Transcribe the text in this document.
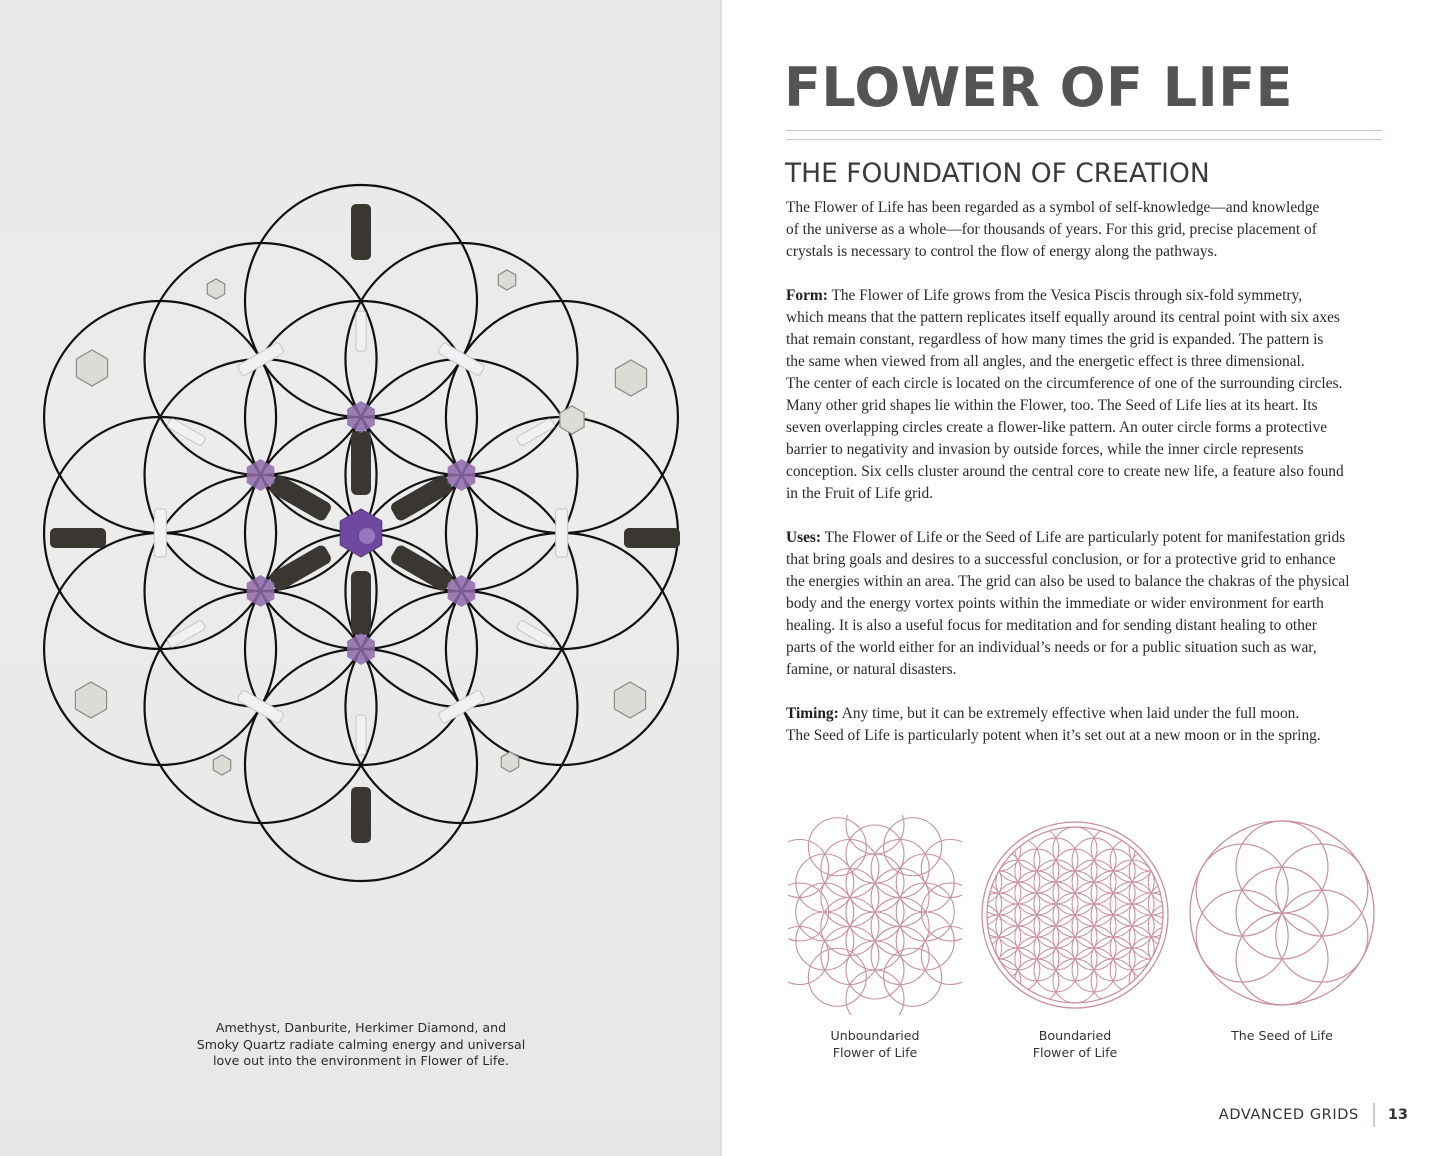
Amethyst, Danburite, Herkimer Diamond, and
Smoky Quartz radiate calming energy and universal
love out into the environment in Flower of Life.
FLOWER OF LIFE
THE FOUNDATION OF CREATION

The Flower of Life has been regarded as a symbol of self-knowledge—and knowledge
of the universe as a whole—for thousands of years. For this grid, precise placement of
crystals is necessary to control the flow of energy along the pathways.

Form: The Flower of Life grows from the Vesica Piscis through six-fold symmetry,
which means that the pattern replicates itself equally around its central point with six axes
that remain constant, regardless of how many times the grid is expanded. The pattern is
the same when viewed from all angles, and the energetic effect is three dimensional.
The center of each circle is located on the circumference of one of the surrounding circles.
Many other grid shapes lie within the Flower, too. The Seed of Life lies at its heart. Its
seven overlapping circles create a flower-like pattern. An outer circle forms a protective
barrier to negativity and invasion by outside forces, while the inner circle represents
conception. Six cells cluster around the central core to create new life, a feature also found
in the Fruit of Life grid.

Uses: The Flower of Life or the Seed of Life are particularly potent for manifestation grids
that bring goals and desires to a successful conclusion, or for a protective grid to enhance
the energies within an area. The grid can also be used to balance the chakras of the physical
body and the energy vortex points within the immediate or wider environment for earth
healing. It is also a useful focus for meditation and for sending distant healing to other
parts of the world either for an individual’s needs or for a public situation such as war,
famine, or natural disasters.

Timing: Any time, but it can be extremely effective when laid under the full moon.
The Seed of Life is particularly potent when it’s set out at a new moon or in the spring.

Unboundaried
Flower of Life
Boundaried
Flower of Life
The Seed of Life
ADVANCED GRIDS 13
